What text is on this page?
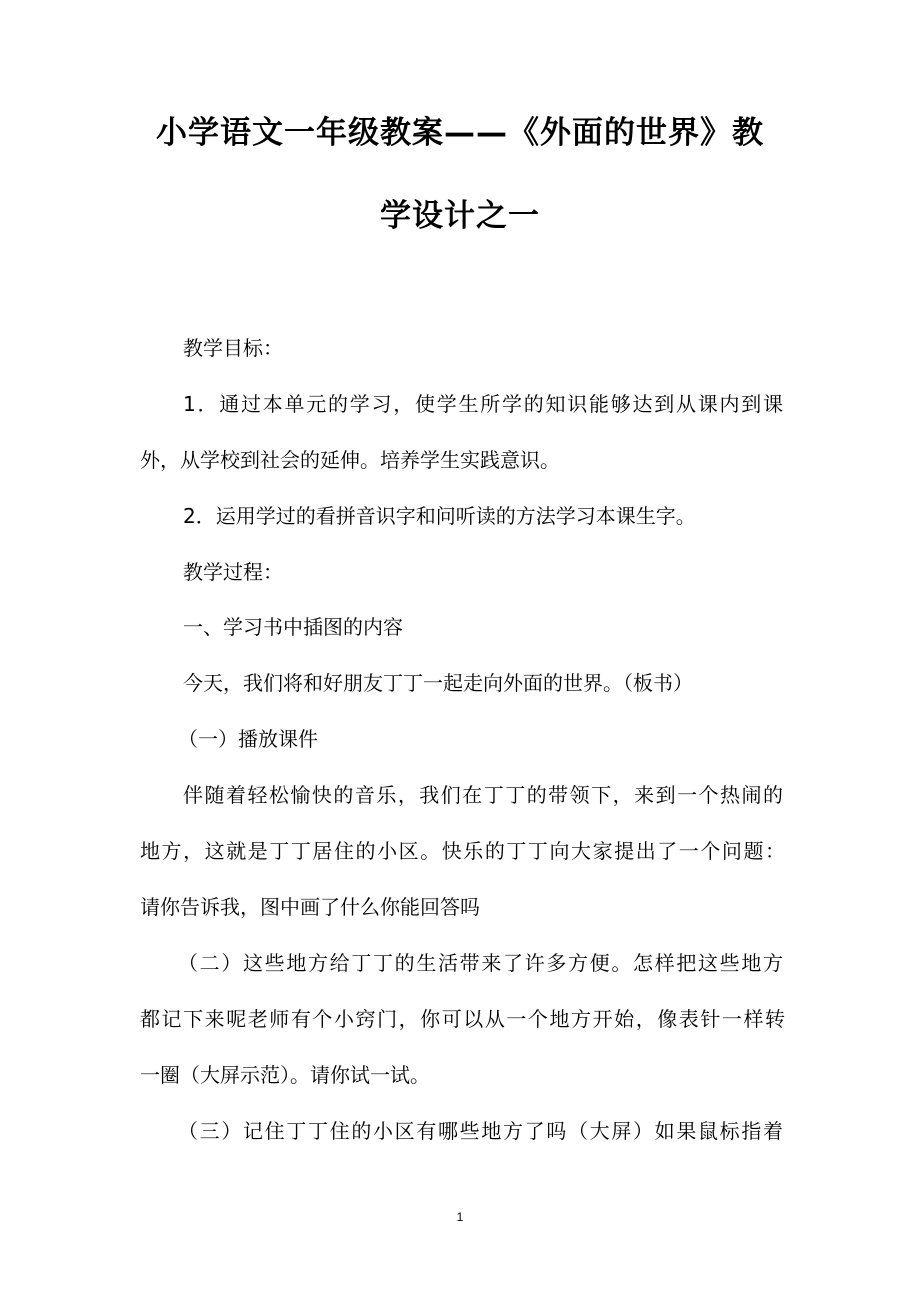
小学语文一年级教案——《外面的世界》教
学设计之一
教学目标：
1．通过本单元的学习，使学生所学的知识能够达到从课内到课
外，从学校到社会的延伸。培养学生实践意识。
2．运用学过的看拼音识字和问听读的方法学习本课生字。
教学过程：
一、学习书中插图的内容
今天，我们将和好朋友丁丁一起走向外面的世界。（板书）
（一）播放课件
伴随着轻松愉快的音乐，我们在丁丁的带领下，来到一个热闹的
地方，这就是丁丁居住的小区。快乐的丁丁向大家提出了一个问题：
请你告诉我，图中画了什么你能回答吗
（二）这些地方给丁丁的生活带来了许多方便。怎样把这些地方
都记下来呢老师有个小窍门，你可以从一个地方开始，像表针一样转
一圈（大屏示范）。请你试一试。
（三）记住丁丁住的小区有哪些地方了吗（大屏）如果鼠标指着
1
